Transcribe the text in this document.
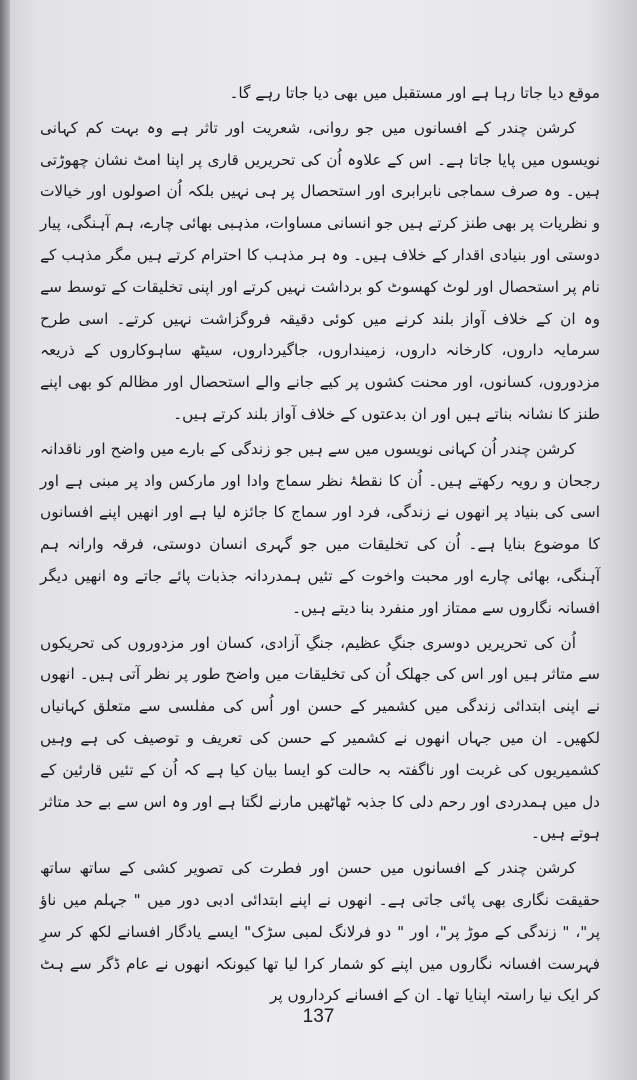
موقع دیا جاتا رہا ہے اور مستقبل میں بھی دیا جاتا رہے گا۔

کرشن چندر کے افسانوں میں جو روانی، شعریت اور تاثر ہے وہ بہت کم کہانی نویسوں میں پایا جاتا ہے۔ اس کے علاوہ اُن کی تحریریں قاری پر اپنا امٹ نشان چھوڑتی ہیں۔ وہ صرف سماجی نابرابری اور استحصال پر ہی نہیں بلکہ اُن اصولوں اور خیالات و نظریات پر بھی طنز کرتے ہیں جو انسانی مساوات، مذہبی بھائی چارے، ہم آہنگی، پیار دوستی اور بنیادی اقدار کے خلاف ہیں۔ وہ ہر مذہب کا احترام کرتے ہیں مگر مذہب کے نام پر استحصال اور لوٹ کھسوٹ کو برداشت نہیں کرتے اور اپنی تخلیقات کے توسط سے وہ ان کے خلاف آواز بلند کرنے میں کوئی دقیقہ فروگزاشت نہیں کرتے۔ اسی طرح سرمایہ داروں، کارخانہ داروں، زمینداروں، جاگیرداروں، سیٹھ ساہوکاروں کے ذریعہ مزدوروں، کسانوں، اور محنت کشوں پر کیے جانے والے استحصال اور مظالم کو بھی اپنے طنز کا نشانہ بناتے ہیں اور ان بدعتوں کے خلاف آواز بلند کرتے ہیں۔

کرشن چندر اُن کہانی نویسوں میں سے ہیں جو زندگی کے بارے میں واضح اور ناقدانہ رجحان و رویہ رکھتے ہیں۔ اُن کا نقطۂ نظر سماج وادا اور مارکس واد پر مبنی ہے اور اسی کی بنیاد پر انھوں نے زندگی، فرد اور سماج کا جائزہ لیا ہے اور انھیں اپنے افسانوں کا موضوع بنایا ہے۔ اُن کی تخلیقات میں جو گہری انسان دوستی، فرقہ وارانہ ہم آہنگی، بھائی چارے اور محبت واخوت کے تئیں ہمدردانہ جذبات پائے جاتے وہ انھیں دیگر افسانہ نگاروں سے ممتاز اور منفرد بنا دیتے ہیں۔

اُن کی تحریریں دوسری جنگِ عظیم، جنگِ آزادی، کسان اور مزدوروں کی تحریکوں سے متاثر ہیں اور اس کی جھلک اُن کی تخلیقات میں واضح طور پر نظر آتی ہیں۔ انھوں نے اپنی ابتدائی زندگی میں کشمیر کے حسن اور اُس کی مفلسی سے متعلق کہانیاں لکھیں۔ ان میں جہاں انھوں نے کشمیر کے حسن کی تعریف و توصیف کی ہے وہیں کشمیریوں کی غربت اور ناگفتہ بہ حالت کو ایسا بیان کیا ہے کہ اُن کے تئیں قارئین کے دل میں ہمدردی اور رحم دلی کا جذبہ ٹھاٹھیں مارنے لگتا ہے اور وہ اس سے بے حد متاثر ہوتے ہیں۔

کرشن چندر کے افسانوں میں حسن اور فطرت کی تصویر کشی کے ساتھ ساتھ حقیقت نگاری بھی پائی جاتی ہے۔ انھوں نے اپنے ابتدائی ادبی دور میں " جہلم میں ناؤ پر"، " زندگی کے موڑ پر"، اور " دو فرلانگ لمبی سڑک" ایسے یادگار افسانے لکھ کر سرِ فہرست افسانہ نگاروں میں اپنے کو شمار کرا لیا تھا کیونکہ انھوں نے عام ڈگر سے ہٹ کر ایک نیا راستہ اپنایا تھا۔ ان کے افسانے کرداروں پر

137
